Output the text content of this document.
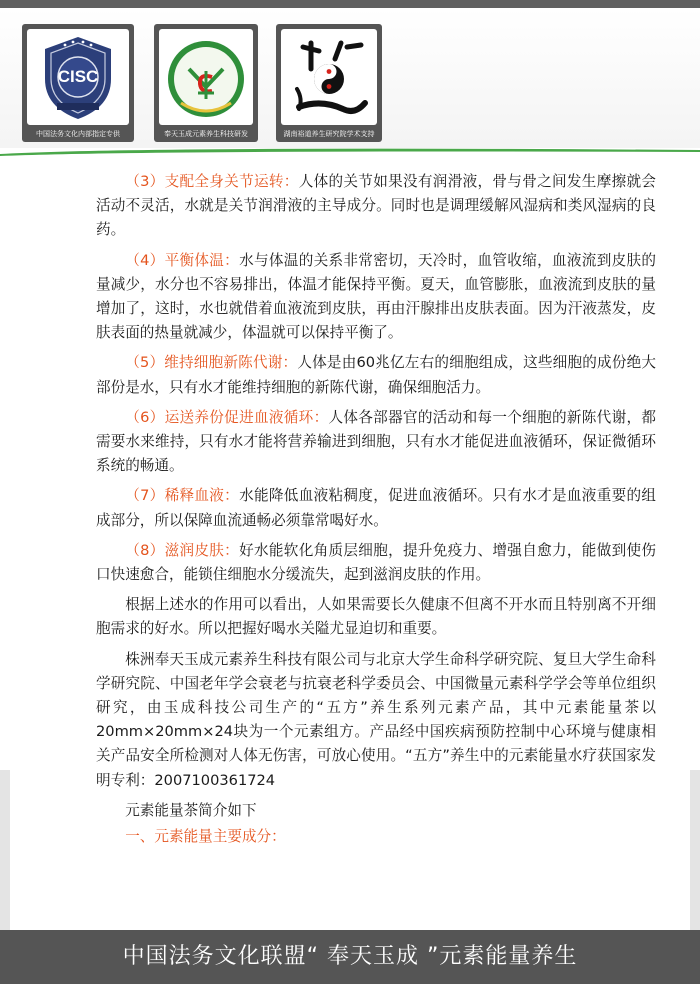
CISC
中国法务文化内部指定专供	奉天玉成元素养生科技研发	湖南裕道养生研究院学术支持

（3）支配全身关节运转：人体的关节如果没有润滑液，骨与骨之间发生摩擦就会活动不灵活，水就是关节润滑液的主导成分。同时也是调理缓解风湿病和类风湿病的良药。

（4）平衡体温：水与体温的关系非常密切，天冷时，血管收缩，血液流到皮肤的量减少，水分也不容易排出，体温才能保持平衡。夏天，血管膨胀，血液流到皮肤的量增加了，这时，水也就借着血液流到皮肤，再由汗腺排出皮肤表面。因为汗液蒸发，皮肤表面的热量就减少，体温就可以保持平衡了。

（5）维持细胞新陈代谢：人体是由60兆亿左右的细胞组成，这些细胞的成份绝大部份是水，只有水才能维持细胞的新陈代谢，确保细胞活力。

（6）运送养份促进血液循环：人体各部器官的活动和每一个细胞的新陈代谢，都需要水来维持，只有水才能将营养输进到细胞，只有水才能促进血液循环，保证微循环系统的畅通。

（7）稀释血液：水能降低血液粘稠度，促进血液循环。只有水才是血液重要的组成部分，所以保障血流通畅必须靠常喝好水。

（8）滋润皮肤：好水能软化角质层细胞，提升免疫力、增强自愈力，能做到使伤口快速愈合，能锁住细胞水分缓流失，起到滋润皮肤的作用。

根据上述水的作用可以看出，人如果需要长久健康不但离不开水而且特别离不开细胞需求的好水。所以把握好喝水关隘尤显迫切和重要。

株洲奉天玉成元素养生科技有限公司与北京大学生命科学研究院、复旦大学生命科学研究院、中国老年学会衰老与抗衰老科学委员会、中国微量元素科学学会等单位组织研究，由玉成科技公司生产的“五方”养生系列元素产品，其中元素能量茶以20mm×20mm×24块为一个元素组方。产品经中国疾病预防控制中心环境与健康相关产品安全所检测对人体无伤害，可放心使用。“五方”养生中的元素能量水疗获国家发明专利：2007100361724

元素能量茶简介如下

一、元素能量主要成分：

中国法务文化联盟“ 奉天玉成 ”元素能量养生
